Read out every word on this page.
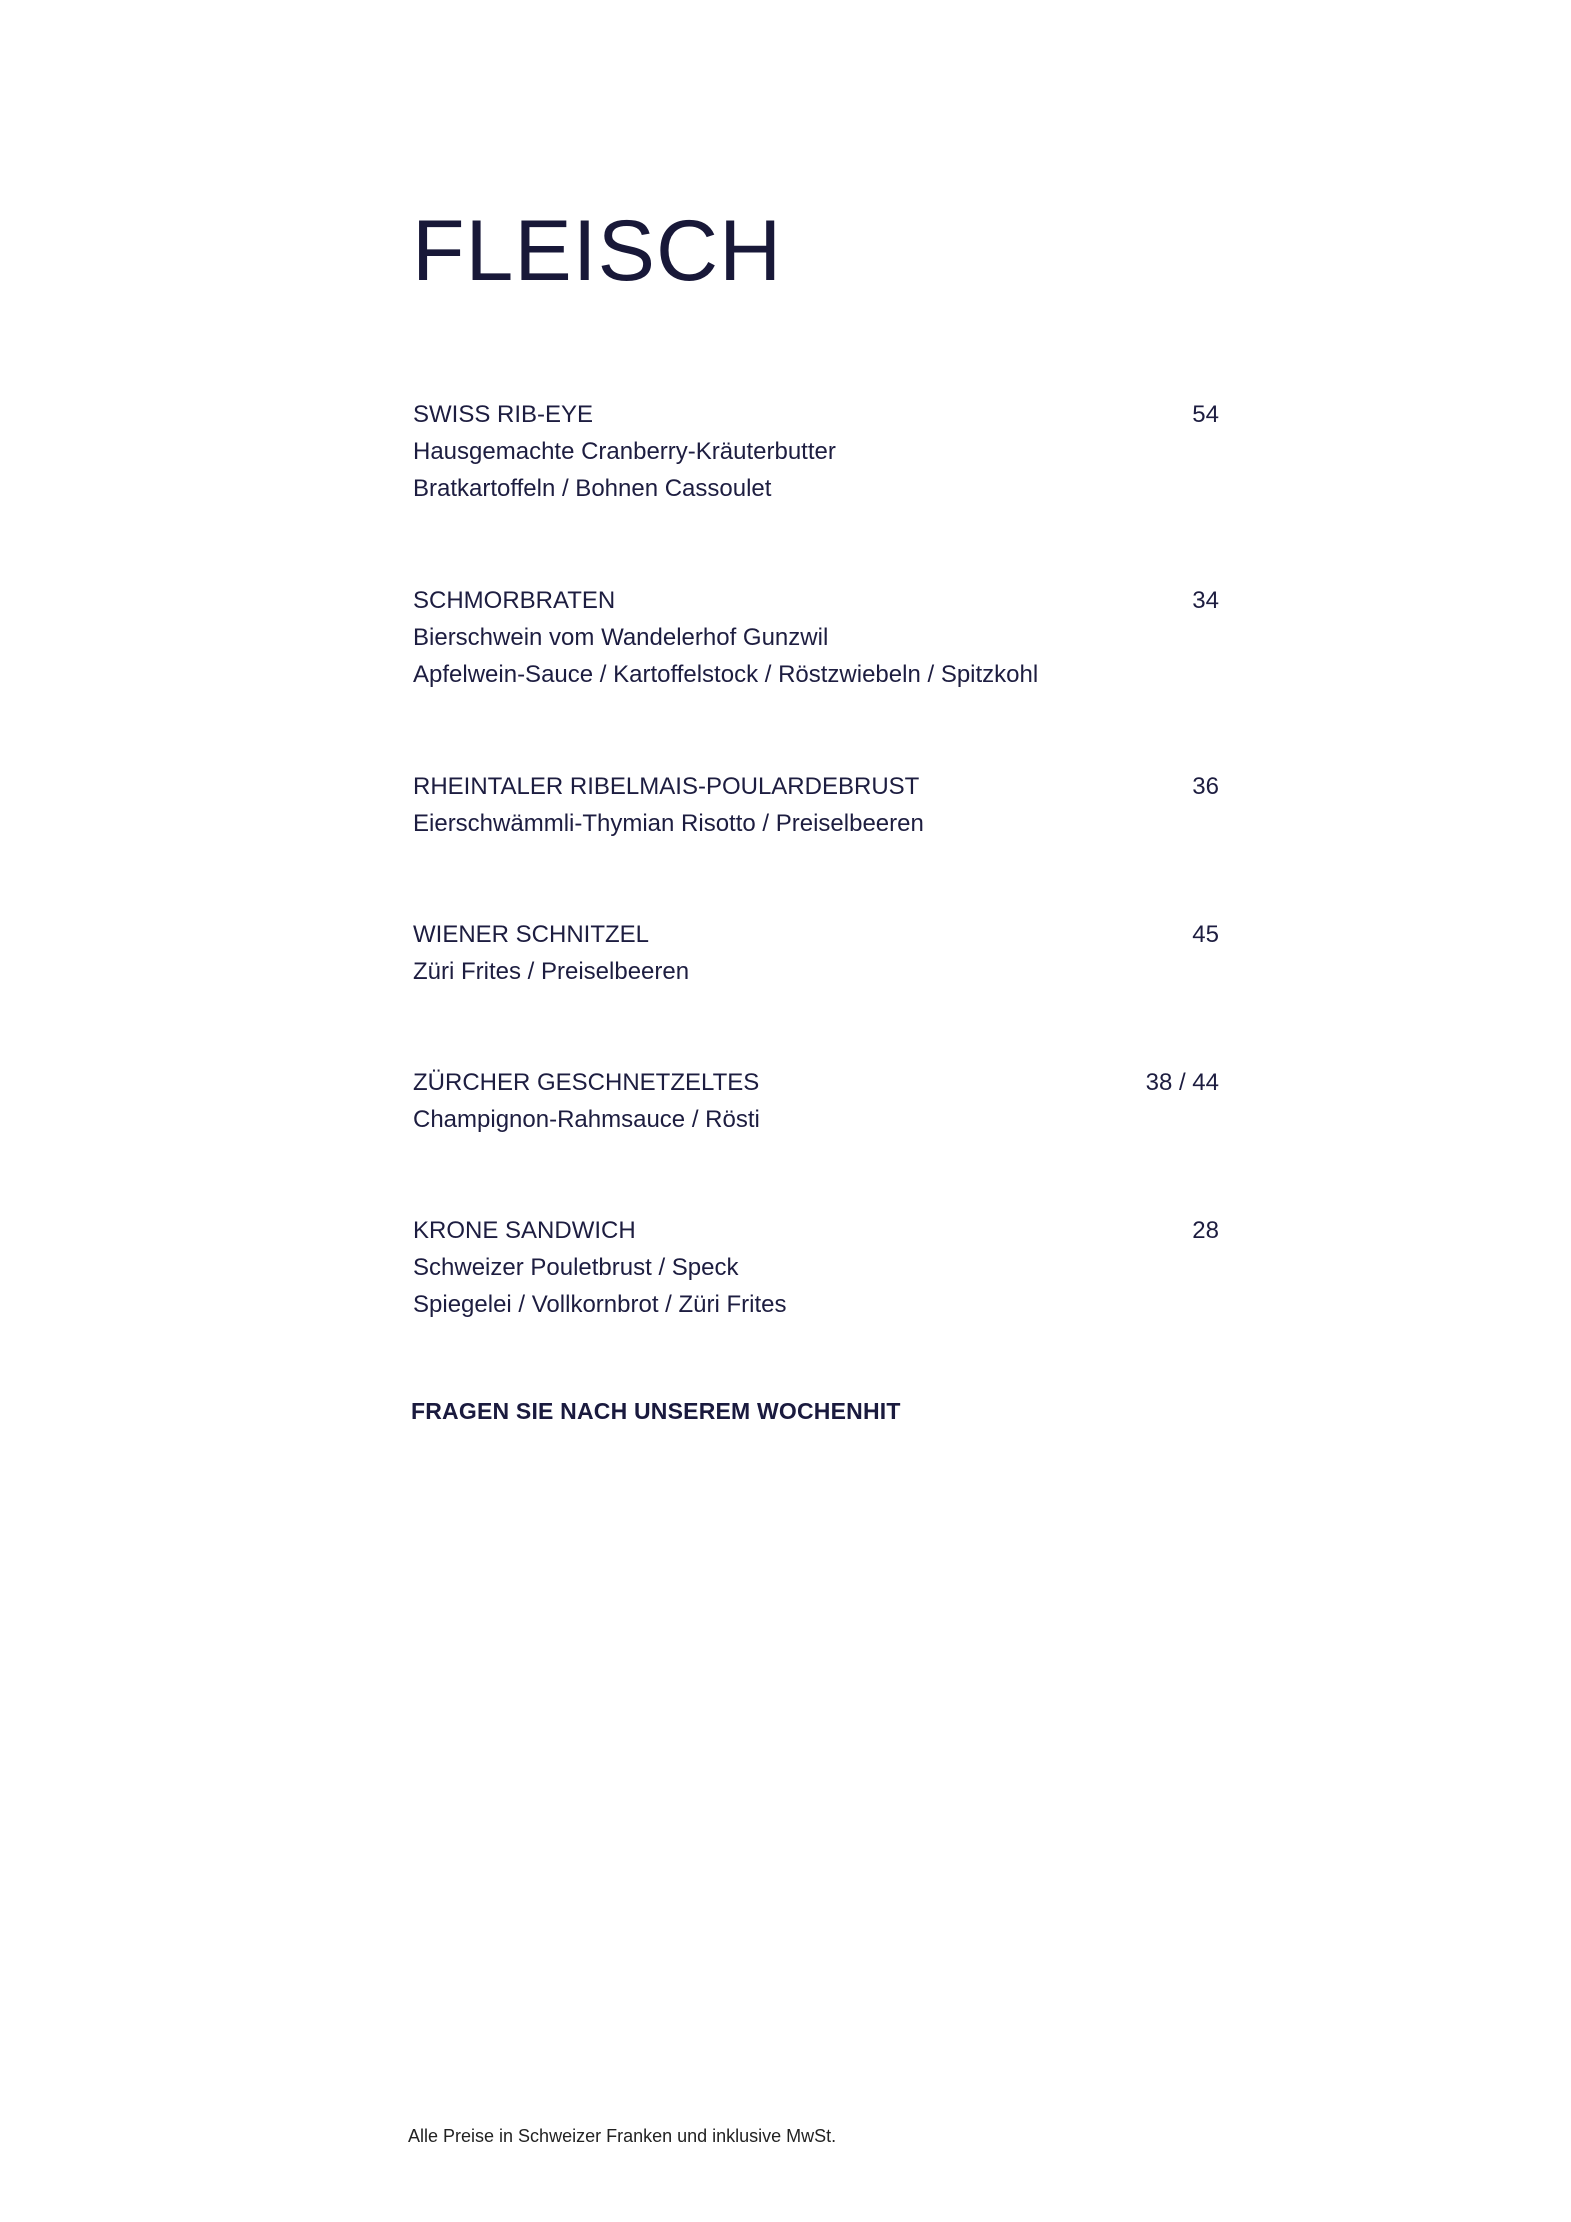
FLEISCH
SWISS RIB-EYE	54
Hausgemachte Cranberry-Kräuterbutter
Bratkartoffeln / Bohnen Cassoulet
SCHMORBRATEN	34
Bierschwein vom Wandelerhof Gunzwil
Apfelwein-Sauce / Kartoffelstock / Röstzwiebeln / Spitzkohl
RHEINTALER RIBELMAIS-POULARDEBRUST	36
Eierschwämmli-Thymian Risotto / Preiselbeeren
WIENER SCHNITZEL	45
Züri Frites / Preiselbeeren
ZÜRCHER GESCHNETZELTES	38 / 44
Champignon-Rahmsauce / Rösti
KRONE SANDWICH	28
Schweizer Pouletbrust / Speck
Spiegelei / Vollkornbrot / Züri Frites
FRAGEN SIE NACH UNSEREM WOCHENHIT
Alle Preise in Schweizer Franken und inklusive MwSt.
